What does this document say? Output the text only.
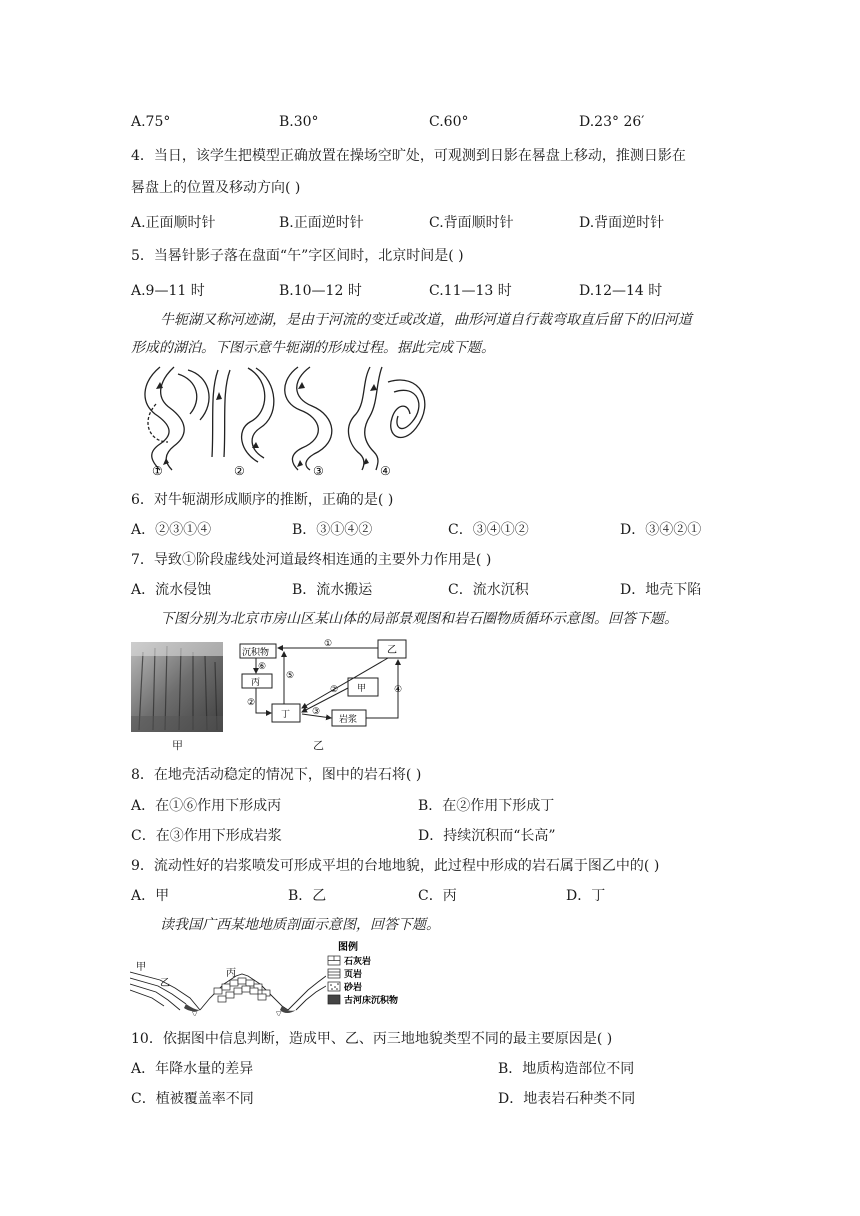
A.75°	B.30°	C.60°	D.23° 26′
4．当日，该学生把模型正确放置在操场空旷处，可观测到日影在晷盘上移动，推测日影在
晷盘上的位置及移动方向( )
A.正面顺时针	B.正面逆时针	C.背面顺时针	D.背面逆时针
5．当晷针影子落在盘面“午”字区间时，北京时间是( )
A.9—11 时	B.10—12 时	C.11—13 时	D.12—14 时
牛轭湖又称河迹湖，是由于河流的变迁或改道，曲形河道自行裁弯取直后留下的旧河道
形成的湖泊。下图示意牛轭湖的形成过程。据此完成下题。
①	②	③	④
6．对牛轭湖形成顺序的推断，正确的是( )
A．②③①④	B．③①④②	C．③④①②	D．③④②①
7．导致①阶段虚线处河道最终相连通的主要外力作用是( )
A．流水侵蚀	B．流水搬运	C．流水沉积	D．地壳下陷
下图分别为北京市房山区某山体的局部景观图和岩石圈物质循环示意图。回答下题。
甲
①
②
②
③
④
⑤
⑥
沉积物	乙
丙
甲
丁	岩浆
乙
8．在地壳活动稳定的情况下，图中的岩石将( )
A．在①⑥作用下形成丙	B．在②作用下形成丁
C．在③作用下形成岩浆	D．持续沉积而“长高”
9．流动性好的岩浆喷发可形成平坦的台地地貌，此过程中形成的岩石属于图乙中的( )
A．甲	B．乙	C．丙	D．丁
读我国广西某地地质剖面示意图，回答下题。
甲
乙
丙
▽	▽
图例
石灰岩
页岩
砂岩
古河床沉积物
10．依据图中信息判断，造成甲、乙、丙三地地貌类型不同的最主要原因是( )
A．年降水量的差异	B．地质构造部位不同
C．植被覆盖率不同	D．地表岩石种类不同
